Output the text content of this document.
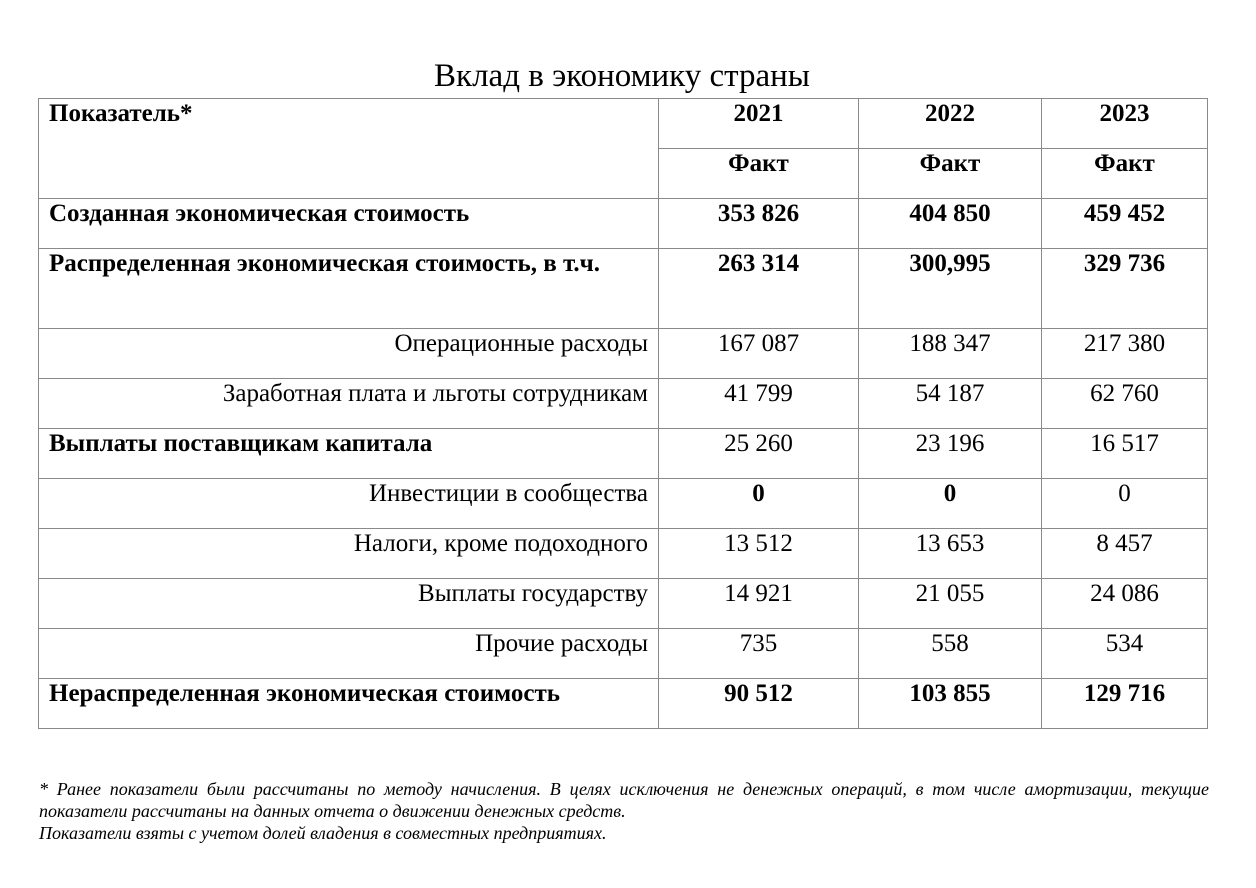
Вклад в экономику страны
Показатель*	2021	2022	2023
	Факт	Факт	Факт
Созданная экономическая стоимость	353 826	404 850	459 452
Распределенная экономическая стоимость, в т.ч.	263 314	300,995	329 736
Операционные расходы	167 087	188 347	217 380
Заработная плата и льготы сотрудникам	41 799	54 187	62 760
Выплаты поставщикам капитала	25 260	23 196	16 517
Инвестиции в сообщества	0	0	0
Налоги, кроме подоходного	13 512	13 653	8 457
Выплаты государству	14 921	21 055	24 086
Прочие расходы	735	558	534
Нераспределенная экономическая стоимость	90 512	103 855	129 716

* Ранее показатели были рассчитаны по методу начисления. В целях исключения не денежных операций, в том числе амортизации, текущие показатели рассчитаны на данных отчета о движении денежных средств.

Показатели взяты с учетом долей владения в совместных предприятиях.
